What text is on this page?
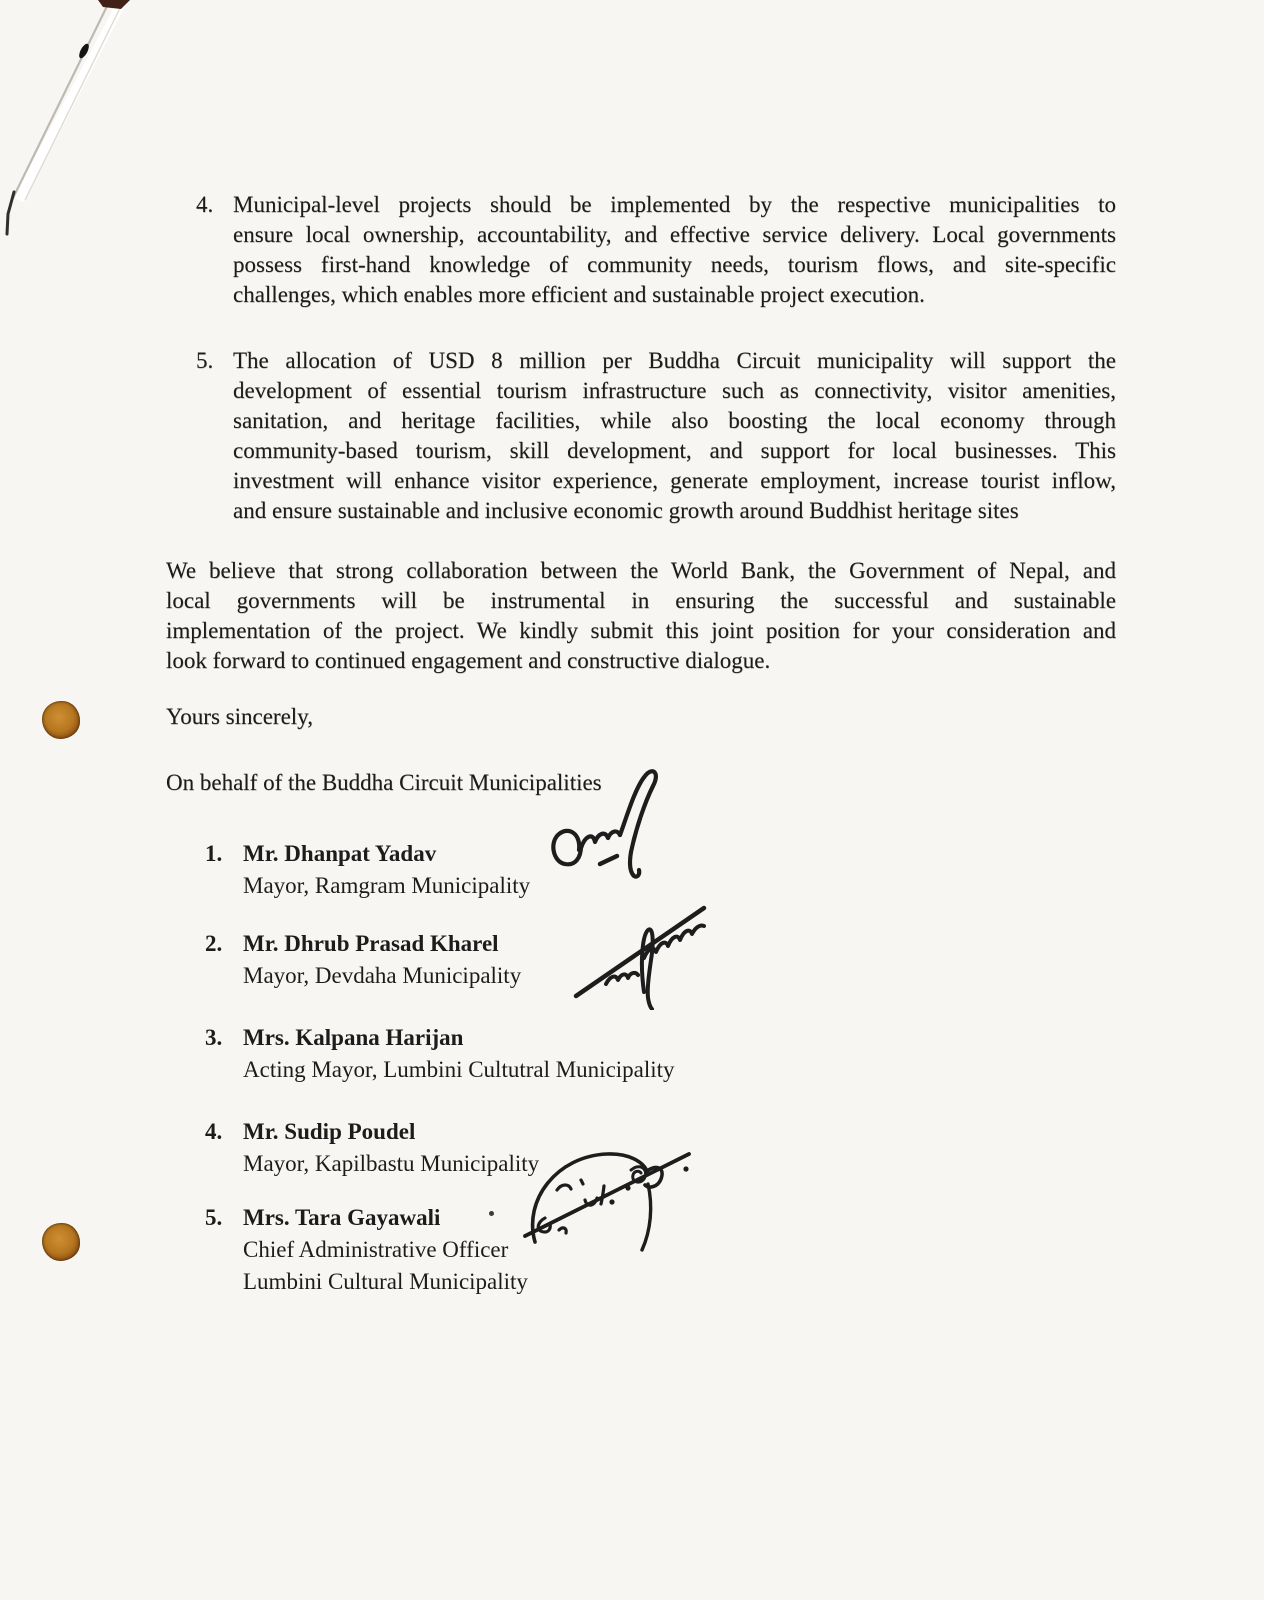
4. Municipal-level projects should be implemented by the respective municipalities to
ensure local ownership, accountability, and effective service delivery. Local governments
possess first-hand knowledge of community needs, tourism flows, and site-specific
challenges, which enables more efficient and sustainable project execution.
5. The allocation of USD 8 million per Buddha Circuit municipality will support the
development of essential tourism infrastructure such as connectivity, visitor amenities,
sanitation, and heritage facilities, while also boosting the local economy through
community-based tourism, skill development, and support for local businesses. This
investment will enhance visitor experience, generate employment, increase tourist inflow,
and ensure sustainable and inclusive economic growth around Buddhist heritage sites
We believe that strong collaboration between the World Bank, the Government of Nepal, and
local governments will be instrumental in ensuring the successful and sustainable
implementation of the project. We kindly submit this joint position for your consideration and
look forward to continued engagement and constructive dialogue.
Yours sincerely,
On behalf of the Buddha Circuit Municipalities
1. Mr. Dhanpat Yadav
Mayor, Ramgram Municipality
2. Mr. Dhrub Prasad Kharel
Mayor, Devdaha Municipality
3. Mrs. Kalpana Harijan
Acting Mayor, Lumbini Cultutral Municipality
4. Mr. Sudip Poudel
Mayor, Kapilbastu Municipality
5. Mrs. Tara Gayawali
Chief Administrative Officer
Lumbini Cultural Municipality
